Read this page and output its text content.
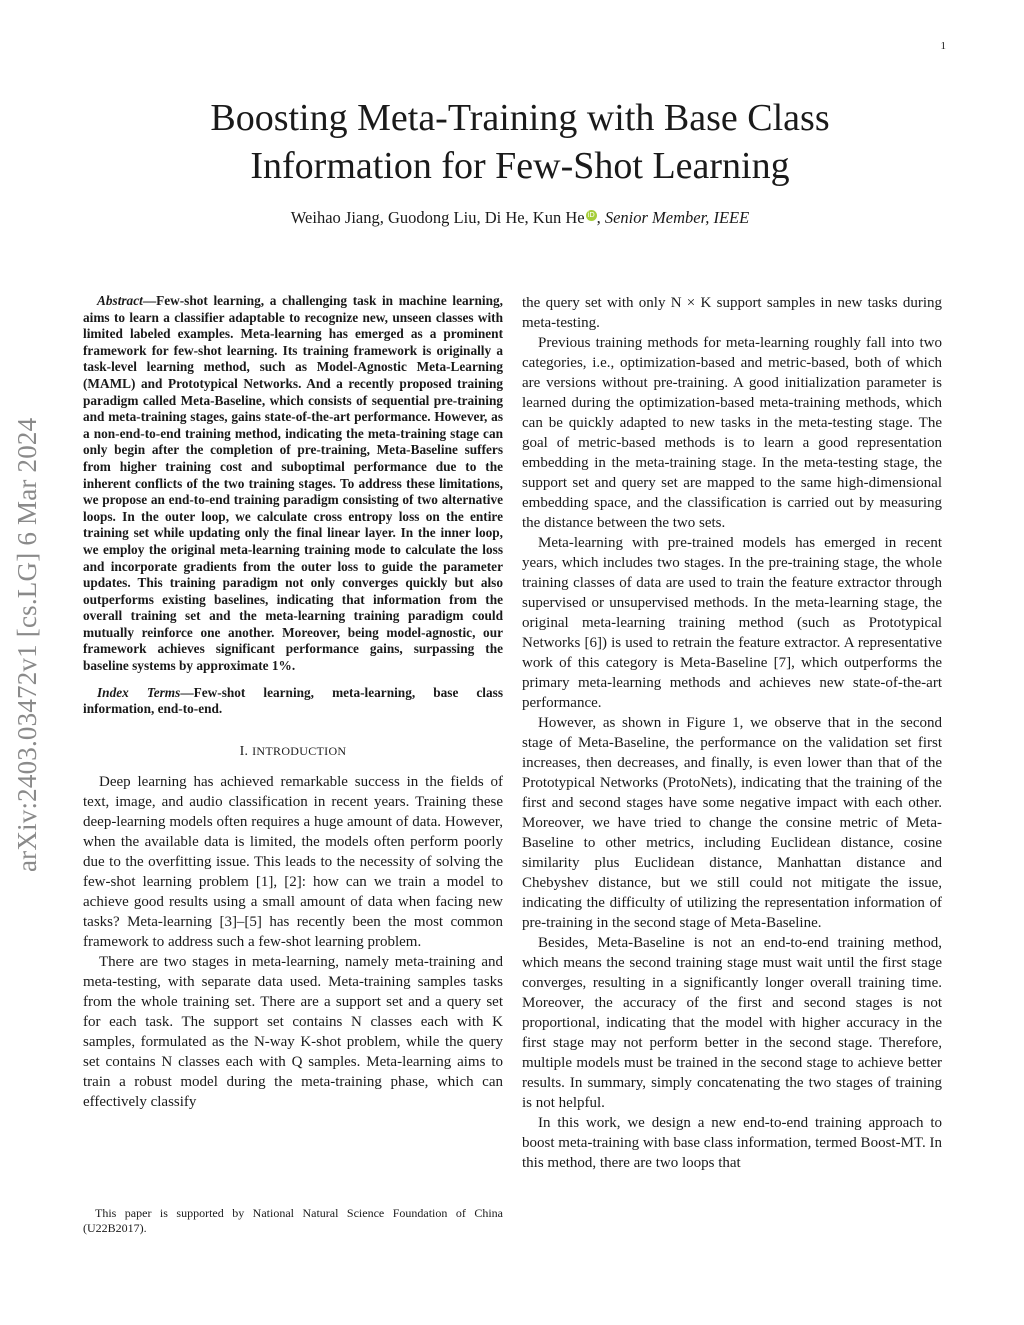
1
arXiv:2403.03472v1 [cs.LG] 6 Mar 2024
Boosting Meta-Training with Base Class
Information for Few-Shot Learning
Weihao Jiang, Guodong Liu, Di He, Kun He iD , Senior Member, IEEE

Abstract—Few-shot learning, a challenging task in machine learning, aims to learn a classifier adaptable to recognize new, unseen classes with limited labeled examples. Meta-learning has emerged as a prominent framework for few-shot learning. Its training framework is originally a task-level learning method, such as Model-Agnostic Meta-Learning (MAML) and Prototypical Networks. And a recently proposed training paradigm called Meta-Baseline, which consists of sequential pre-training and meta-training stages, gains state-of-the-art performance. However, as a non-end-to-end training method, indicating the meta-training stage can only begin after the completion of pre-training, Meta-Baseline suffers from higher training cost and suboptimal performance due to the inherent conflicts of the two training stages. To address these limitations, we propose an end-to-end training paradigm consisting of two alternative loops. In the outer loop, we calculate cross entropy loss on the entire training set while updating only the final linear layer. In the inner loop, we employ the original meta-learning training mode to calculate the loss and incorporate gradients from the outer loss to guide the parameter updates. This training paradigm not only converges quickly but also outperforms existing baselines, indicating that information from the overall training set and the meta-learning training paradigm could mutually reinforce one another. Moreover, being model-agnostic, our framework achieves significant performance gains, surpassing the baseline systems by approximate 1%.

Index Terms—Few-shot learning, meta-learning, base class information, end-to-end.

I. INTRODUCTION

Deep learning has achieved remarkable success in the fields of text, image, and audio classification in recent years. Training these deep-learning models often requires a huge amount of data. However, when the available data is limited, the models often perform poorly due to the overfitting issue. This leads to the necessity of solving the few-shot learning problem [1], [2]: how can we train a model to achieve good results using a small amount of data when facing new tasks? Meta-learning [3]–[5] has recently been the most common framework to address such a few-shot learning problem.

There are two stages in meta-learning, namely meta-training and meta-testing, with separate data used. Meta-training samples tasks from the whole training set. There are a support set and a query set for each task. The support set contains N classes each with K samples, formulated as the N-way K-shot problem, while the query set contains N classes each with Q samples. Meta-learning aims to train a robust model during the meta-training phase, which can effectively classify

the query set with only N × K support samples in new tasks during meta-testing.

Previous training methods for meta-learning roughly fall into two categories, i.e., optimization-based and metric-based, both of which are versions without pre-training. A good initialization parameter is learned during the optimization-based meta-training methods, which can be quickly adapted to new tasks in the meta-testing stage. The goal of metric-based methods is to learn a good representation embedding in the meta-training stage. In the meta-testing stage, the support set and query set are mapped to the same high-dimensional embedding space, and the classification is carried out by measuring the distance between the two sets.

Meta-learning with pre-trained models has emerged in recent years, which includes two stages. In the pre-training stage, the whole training classes of data are used to train the feature extractor through supervised or unsupervised methods. In the meta-learning stage, the original meta-learning training method (such as Prototypical Networks [6]) is used to retrain the feature extractor. A representative work of this category is Meta-Baseline [7], which outperforms the primary meta-learning methods and achieves new state-of-the-art performance.

However, as shown in Figure 1, we observe that in the second stage of Meta-Baseline, the performance on the validation set first increases, then decreases, and finally, is even lower than that of the Prototypical Networks (ProtoNets), indicating that the training of the first and second stages have some negative impact with each other. Moreover, we have tried to change the consine metric of Meta-Baseline to other metrics, including Euclidean distance, cosine similarity plus Euclidean distance, Manhattan distance and Chebyshev distance, but we still could not mitigate the issue, indicating the difficulty of utilizing the representation information of pre-training in the second stage of Meta-Baseline.

Besides, Meta-Baseline is not an end-to-end training method, which means the second training stage must wait until the first stage converges, resulting in a significantly longer overall training time. Moreover, the accuracy of the first and second stages is not proportional, indicating that the model with higher accuracy in the first stage may not perform better in the second stage. Therefore, multiple models must be trained in the second stage to achieve better results. In summary, simply concatenating the two stages of training is not helpful.

In this work, we design a new end-to-end training approach to boost meta-training with base class information, termed Boost-MT. In this method, there are two loops that

This paper is supported by National Natural Science Foundation of China (U22B2017).
